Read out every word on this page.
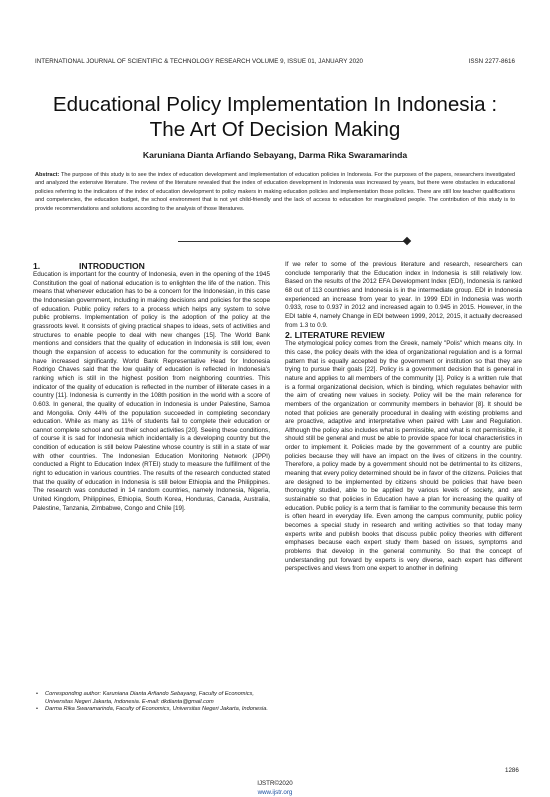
INTERNATIONAL JOURNAL OF SCIENTIFIC & TECHNOLOGY RESEARCH VOLUME 9, ISSUE 01, JANUARY 2020	ISSN 2277-8616
Educational Policy Implementation In Indonesia :
The Art Of Decision Making
Karuniana Dianta Arfiando Sebayang, Darma Rika Swaramarinda
Abstract: The purpose of this study is to see the index of education development and implementation of education policies in Indonesia. For the purposes of the papers, researchers investigated and analyzed the extensive literature. The review of the literature revealed that the index of education development in Indonesia was increased by years, but there were obstacles in educational policies referring to the indicators of the index of education development to policy makers in making education policies and implementation those policies. There are still low teacher qualifications and competencies, the education budget, the school environment that is not yet child-friendly and the lack of access to education for marginalized people. The contribution of this study is to provide recommendations and solutions according to the analysis of those literatures.

1.	INTRODUCTION

Education is important for the country of Indonesia, even in the opening of the 1945 Constitution the goal of national education is to enlighten the life of the nation. This means that whenever education has to be a concern for the Indonesian, in this case the Indonesian government, including in making decisions and policies for the scope of education. Public policy refers to a process which helps any system to solve public problems. Implementation of policy is the adoption of the policy at the grassroots level. It consists of giving practical shapes to ideas, sets of activities and structures to enable people to deal with new changes [15]. The World Bank mentions and considers that the quality of education in Indonesia is still low, even though the expansion of access to education for the community is considered to have increased significantly. World Bank Representative Head for Indonesia Rodrigo Chaves said that the low quality of education is reflected in Indonesia's ranking which is still in the highest position from neighboring countries. This indicator of the quality of education is reflected in the number of illiterate cases in a country [11]. Indonesia is currently in the 108th position in the world with a score of 0.603. In general, the quality of education in Indonesia is under Palestine, Samoa and Mongolia. Only 44% of the population succeeded in completing secondary education. While as many as 11% of students fail to complete their education or cannot complete school and out their school activities [20]. Seeing these conditions, of course it is sad for Indonesia which incidentally is a developing country but the condition of education is still below Palestine whose country is still in a state of war with other countries. The Indonesian Education Monitoring Network (JPPI) conducted a Right to Education Index (RTEI) study to measure the fulfillment of the right to education in various countries. The results of the research conducted stated that the quality of education in Indonesia is still below Ethiopia and the Philippines. The research was conducted in 14 random countries, namely Indonesia, Nigeria, United Kingdom, Philippines, Ethiopia, South Korea, Honduras, Canada, Australia, Palestine, Tanzania, Zimbabwe, Congo and Chile [19].

If we refer to some of the previous literature and research, researchers can conclude temporarily that the Education index in Indonesia is still relatively low. Based on the results of the 2012 EFA Development Index (EDI), Indonesia is ranked 68 out of 113 countries and Indonesia is in the intermediate group. EDI in Indonesia experienced an increase from year to year. In 1999 EDI in Indonesia was worth 0.933, rose to 0.937 in 2012 and increased again to 0.945 in 2015. However, in the EDI table 4, namely Change in EDI between 1999, 2012, 2015, it actually decreased from 1.3 to 0.9.

2. LITERATURE REVIEW

The etymological policy comes from the Greek, namely "Polis" which means city. In this case, the policy deals with the idea of organizational regulation and is a formal pattern that is equally accepted by the government or institution so that they are trying to pursue their goals [22]. Policy is a government decision that is general in nature and applies to all members of the community [1]. Policy is a written rule that is a formal organizational decision, which is binding, which regulates behavior with the aim of creating new values in society. Policy will be the main reference for members of the organization or community members in behavior [8]. It should be noted that policies are generally procedural in dealing with existing problems and are proactive, adaptive and interpretative when paired with Law and Regulation. Although the policy also includes what is permissible, and what is not permissible, it should still be general and must be able to provide space for local characteristics in order to implement it. Policies made by the government of a country are public policies because they will have an impact on the lives of citizens in the country. Therefore, a policy made by a government should not be detrimental to its citizens, meaning that every policy determined should be in favor of the citizens. Policies that are designed to be implemented by citizens should be policies that have been thoroughly studied, able to be applied by various levels of society, and are sustainable so that policies in Education have a plan for increasing the quality of education. Public policy is a term that is familiar to the community because this term is often heard in everyday life. Even among the campus community, public policy becomes a special study in research and writing activities so that today many experts write and publish books that discuss public policy theories with different emphases because each expert study them based on issues, symptoms and problems that develop in the general community. So that the concept of understanding put forward by experts is very diverse, each expert has different perspectives and views from one expert to another in defining

• Corresponding author: Karuniana Dianta Arfiando Sebayang, Faculty of Economics, Universitas Negeri Jakarta, Indonesia. E-mail: dkdianta@gmail.com
• Darma Rika Swaramarinda, Faculty of Economics, Universitas Negeri Jakarta, Indonesia.
1286
IJSTR©2020
www.ijstr.org
